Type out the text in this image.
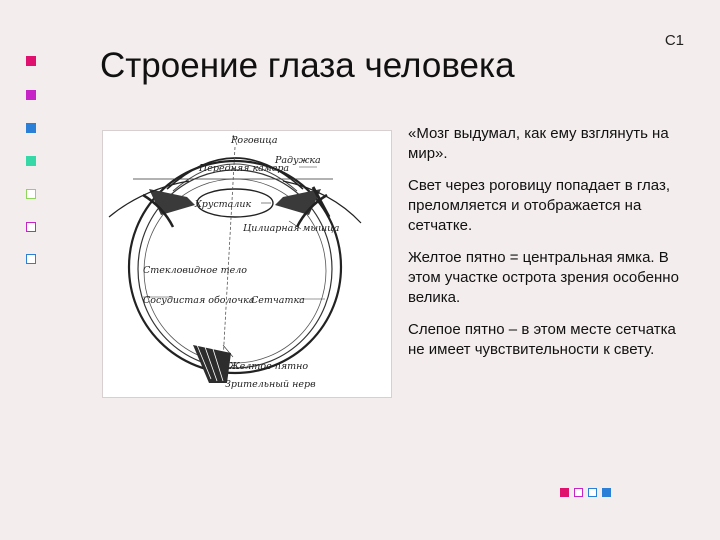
С1
Строение глаза человека
Роговица
Передняя камера
Радужка
Хрусталик
Цилиарная мышца
Стекловидное тело
Сосудистая оболочка
Сетчатка
Желтое пятно
Зрительный нерв

«Мозг выдумал, как ему взглянуть на мир».

Свет через роговицу попадает в глаз, преломляется и отображается на сетчатке.

Желтое пятно = центральная ямка. В этом участке острота зрения особенно велика.

Слепое пятно – в этом месте сетчатка не имеет чувствительности к свету.
